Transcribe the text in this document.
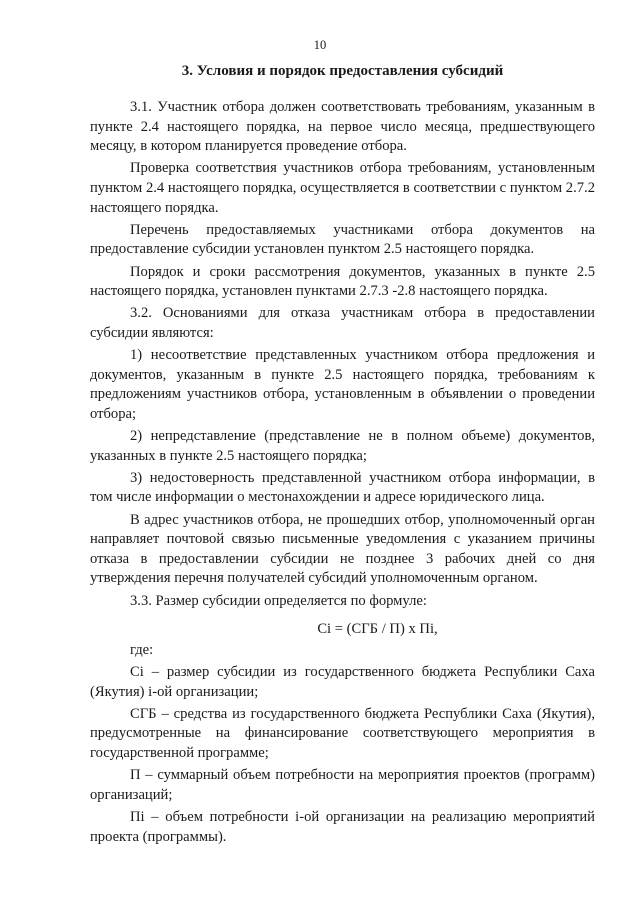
10
3. Условия и порядок предоставления субсидий

3.1. Участник отбора должен соответствовать требованиям, указанным в пункте 2.4 настоящего порядка, на первое число месяца, предшествующего месяцу, в котором планируется проведение отбора.

Проверка соответствия участников отбора требованиям, установленным пунктом 2.4 настоящего порядка, осуществляется в соответствии с пунктом 2.7.2 настоящего порядка.

Перечень предоставляемых участниками отбора документов на предоставление субсидии установлен пунктом 2.5 настоящего порядка.

Порядок и сроки рассмотрения документов, указанных в пункте 2.5 настоящего порядка, установлен пунктами 2.7.3 -2.8 настоящего порядка.

3.2. Основаниями для отказа участникам отбора в предоставлении субсидии являются:

1) несоответствие представленных участником отбора предложения и документов, указанным в пункте 2.5 настоящего порядка, требованиям к предложениям участников отбора, установленным в объявлении о проведении отбора;

2) непредставление (представление не в полном объеме) документов, указанных в пункте 2.5 настоящего порядка;

3) недостоверность представленной участником отбора информации, в том числе информации о местонахождении и адресе юридического лица.

В адрес участников отбора, не прошедших отбор, уполномоченный орган направляет почтовой связью письменные уведомления с указанием причины отказа в предоставлении субсидии не позднее 3 рабочих дней со дня утверждения перечня получателей субсидий уполномоченным органом.

3.3. Размер субсидии определяется по формуле:

Ci = (СГБ / П) х Пi,

где:

Ci – размер субсидии из государственного бюджета Республики Саха (Якутия) i-ой организации;

СГБ – средства из государственного бюджета Республики Саха (Якутия), предусмотренные на финансирование соответствующего мероприятия в государственной программе;

П – суммарный объем потребности на мероприятия проектов (программ) организаций;

Пi – объем потребности i-ой организации на реализацию мероприятий проекта (программы).
